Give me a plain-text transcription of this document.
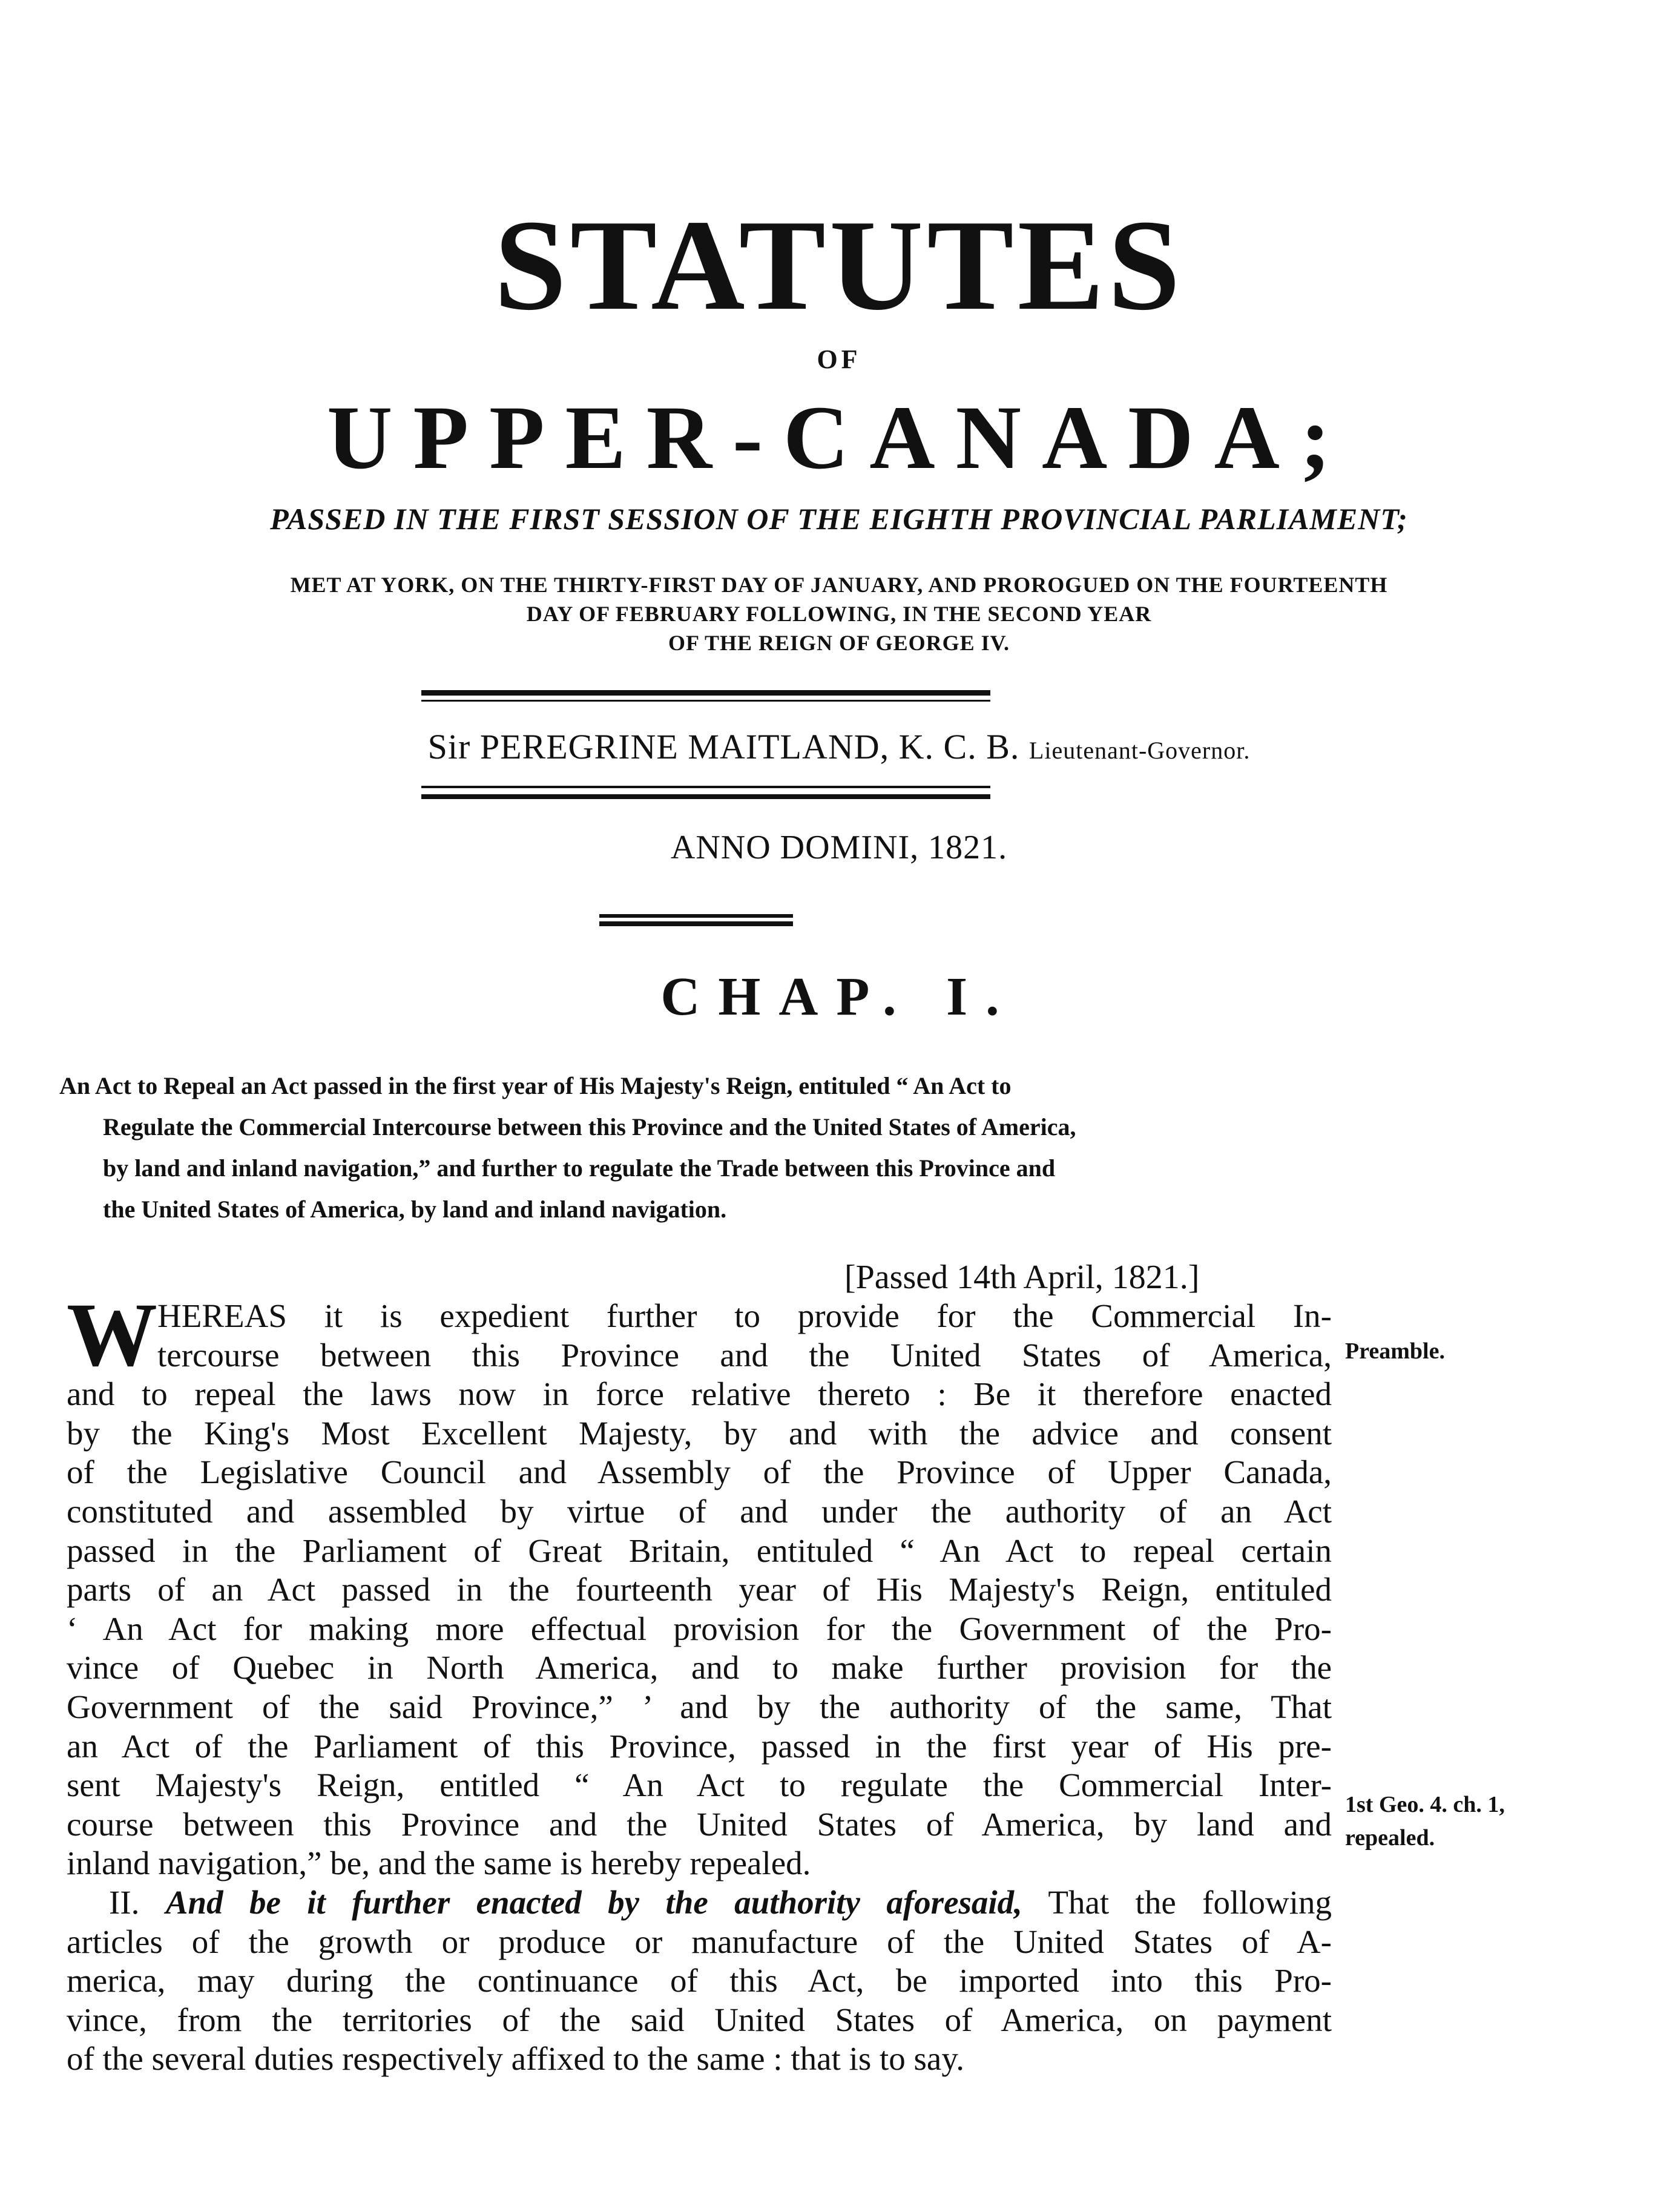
STATUTES
OF
UPPER-CANADA;
PASSED IN THE FIRST SESSION OF THE EIGHTH PROVINCIAL PARLIAMENT;
MET AT YORK, ON THE THIRTY-FIRST DAY OF JANUARY, AND PROROGUED ON THE FOURTEENTH
DAY OF FEBRUARY FOLLOWING, IN THE SECOND YEAR
OF THE REIGN OF GEORGE IV.
Sir PEREGRINE MAITLAND, K. C. B. Lieutenant-Governor.
ANNO DOMINI, 1821.
CHAP. I.
An Act to Repeal an Act passed in the first year of His Majesty's Reign, entituled “ An Act to
Regulate the Commercial Intercourse between this Province and the United States of America,
by land and inland navigation,” and further to regulate the Trade between this Province and
the United States of America, by land and inland navigation.
[Passed 14th April, 1821.]
W HEREAS it is expedient further to provide for the Commercial In-
tercourse between this Province and the United States of America,
and to repeal the laws now in force relative thereto : Be it therefore enacted
by the King's Most Excellent Majesty, by and with the advice and consent
of the Legislative Council and Assembly of the Province of Upper Canada,
constituted and assembled by virtue of and under the authority of an Act
passed in the Parliament of Great Britain, entituled “ An Act to repeal certain
parts of an Act passed in the fourteenth year of His Majesty's Reign, entituled
‘ An Act for making more effectual provision for the Government of the Pro-
vince of Quebec in North America, and to make further provision for the
Government of the said Province,” ’ and by the authority of the same, That
an Act of the Parliament of this Province, passed in the first year of His pre-
sent Majesty's Reign, entitled “ An Act to regulate the Commercial Inter-
course between this Province and the United States of America, by land and
inland navigation,” be, and the same is hereby repealed.
II. And be it further enacted by the authority aforesaid, That the following
articles of the growth or produce or manufacture of the United States of A-
merica, may during the continuance of this Act, be imported into this Pro-
vince, from the territories of the said United States of America, on payment
of the several duties respectively affixed to the same : that is to say.
Preamble.
1st Geo. 4. ch. 1,
repealed.
